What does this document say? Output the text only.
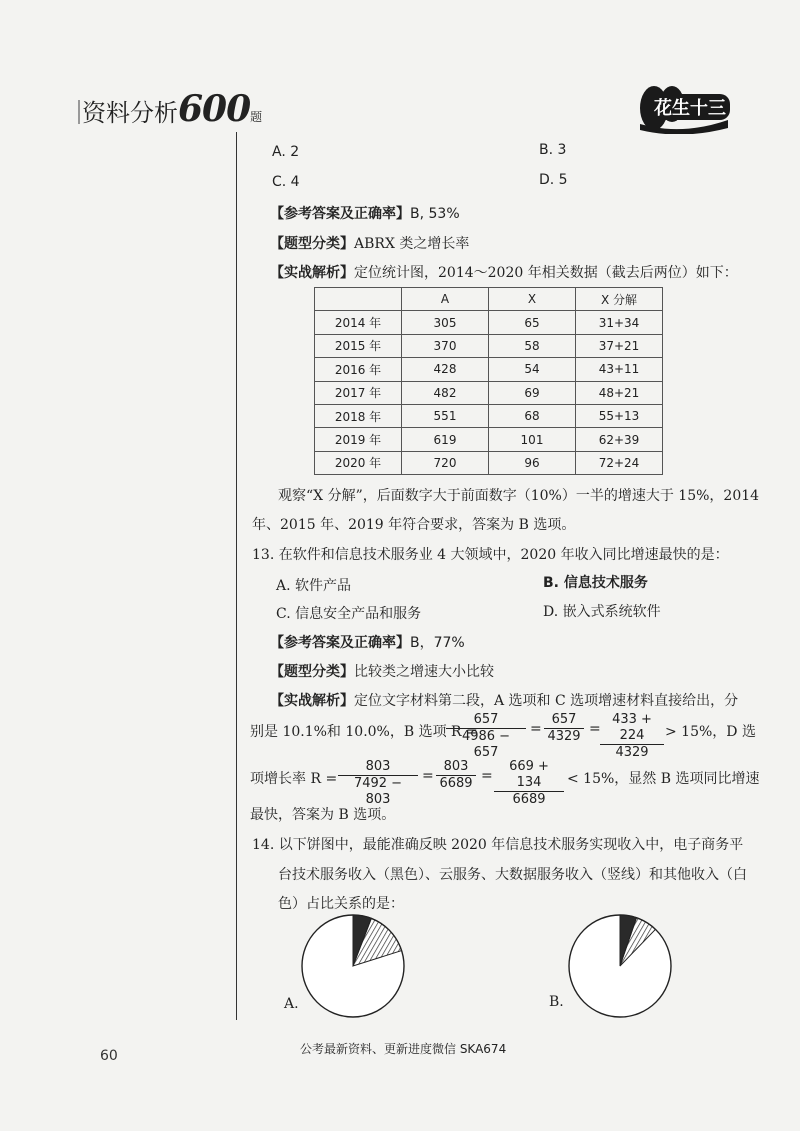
资料分析600题	花生十三
A. 2	B. 3
C. 4	D. 5
【参考答案及正确率】B, 53%
【题型分类】ABRX 类之增长率
【实战解析】定位统计图，2014～2020 年相关数据（截去后两位）如下：
	A	X	X 分解
2014 年	305	65	31+34
2015 年	370	58	37+21
2016 年	428	54	43+11
2017 年	482	69	48+21
2018 年	551	68	55+13
2019 年	619	101	62+39
2020 年	720	96	72+24
观察“X 分解”，后面数字大于前面数字（10%）一半的增速大于 15%，2014
年、2015 年、2019 年符合要求，答案为 B 选项。
13. 在软件和信息技术服务业 4 大领域中，2020 年收入同比增速最快的是：
A. 软件产品	B. 信息技术服务
C. 信息安全产品和服务	D. 嵌入式系统软件
【参考答案及正确率】B，77%
【题型分类】比较类之增速大小比较
【实战解析】定位文字材料第二段，A 选项和 C 选项增速材料直接给出，分
别是 10.1%和 10.0%，B 选项 R =
$\frac{657}{4986 - 657} = \frac{657}{4329} = \frac{433 + 224}{4329} > 15\%$，D 选
项增长率 $R = \frac{803}{7492 - 803} = \frac{803}{6689} = \frac{669 + 134}{6689} < 15\%$，显然 B 选项同比增速
最快，答案为 B 选项。
14. 以下饼图中，最能准确反映 2020 年信息技术服务实现收入中，电子商务平
台技术服务收入（黑色）、云服务、大数据服务收入（竖线）和其他收入（白
色）占比关系的是：
A.	B.
公考最新资料、更新进度微信 SKA674
60
